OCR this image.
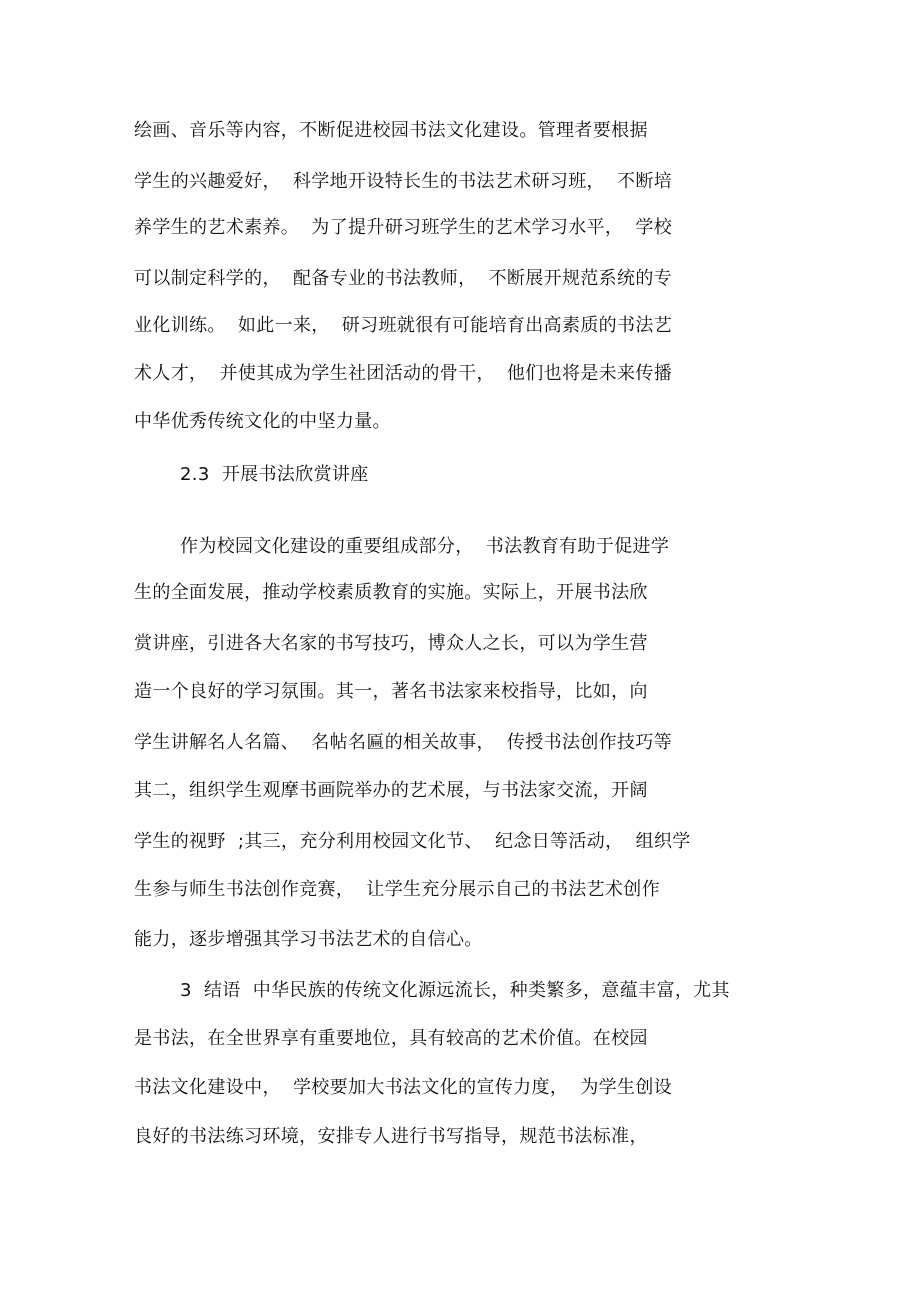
绘画、音乐等内容，不断促进校园书法文化建设。管理者要根据

学生的兴趣爱好，  科学地开设特长生的书法艺术研习班，  不断培

养学生的艺术素养。  为了提升研习班学生的艺术学习水平，  学校

可以制定科学的，  配备专业的书法教师，  不断展开规范系统的专

业化训练。  如此一来，  研习班就很有可能培育出高素质的书法艺

术人才，  并使其成为学生社团活动的骨干，  他们也将是未来传播

中华优秀传统文化的中坚力量。

2.3  开展书法欣赏讲座

作为校园文化建设的重要组成部分，  书法教育有助于促进学

生的全面发展，推动学校素质教育的实施。实际上，开展书法欣

赏讲座，引进各大名家的书写技巧，博众人之长，可以为学生营

造一个良好的学习氛围。其一，著名书法家来校指导，比如，向

学生讲解名人名篇、  名帖名匾的相关故事，  传授书法创作技巧等

其二，组织学生观摩书画院举办的艺术展，与书法家交流，开阔

学生的视野  ;其三，充分利用校园文化节、  纪念日等活动，  组织学

生参与师生书法创作竞赛，  让学生充分展示自己的书法艺术创作

能力，逐步增强其学习书法艺术的自信心。

3  结语  中华民族的传统文化源远流长，种类繁多，意蕴丰富，尤其

是书法，在全世界享有重要地位，具有较高的艺术价值。在校园

书法文化建设中，  学校要加大书法文化的宣传力度，  为学生创设

良好的书法练习环境，安排专人进行书写指导，规范书法标准，
